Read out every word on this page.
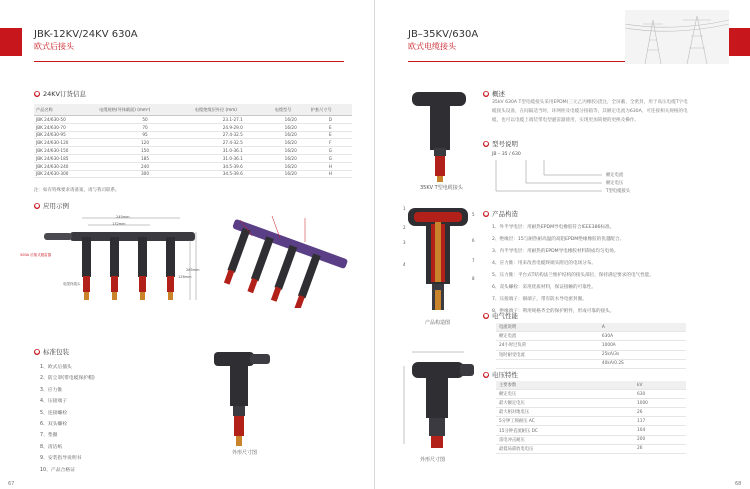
JBK-12KV/24KV 630A
欧式后接头
● 24KV订货信息
产品名称	电缆规格(导体截面) (mm²)	电缆绝缘层外径 (mm)	电缆型号	护套尺寸号
JBK 24/630-50	50	23.1-27.1	16/20	D
JBK 24/630-70	70	24.9-29.0	16/20	E
JBK 24/630-95	95	27.4-32.5	16/20	E
JBK 24/630-120	120	27.4-32.5	16/20	F
JBK 24/630-150	150	31.0-36.1	16/20	G
JBK 24/630-185	185	31.0-36.1	16/20	G
JBK 24/630-240	240	34.5-39.6	16/20	H
JBK 24/630-300	300	34.5-39.6	16/20	H
注：如有特殊要求请备案，请与我司联系。
● 应用示例
500A 后插式避雷器
电缆终端头
245mm
132mm
285mm
128mm
● 标准包装
1、欧式后插头
2、防尘罩(带电缆保护帽)
3、应力锥
4、压接端子
5、连接螺栓
6、双头螺栓
7、垫圈
8、清洁纸
9、安装指导说明书
10、产品合格证
外形尺寸图
67
JB–35KV/630A
欧式电缆接头
35KV T型电缆接头
● 概述
35kV 630A T型电缆接头采用EPDM(三元乙丙橡胶)浇注，全屏蔽，全密封，用于高压电缆T字电缆接头设备，在间隔适当时，环网柜及电缆分接箱等，其额定电流为630A，可连接相关规格的电缆，也可以电缆上端装带电型避雷器使用，实现更加简便的更换及操作。
● 型号说明
JB – 35 / 630
额定电流
额定电压
T型电缆接头
● 产品构造
1、外半导电层：用耐热EPDM导电橡胶符合IEEE386标准。
2、绝缘层：15与耐热耐高温的高阻EPDM绝缘橡胶的优越配合。
3、内半导电层：用耐热的EPDM导电橡胶材料制成均匀电场。
4、应力锥：用来改善电缆终端头附近的电场分布。
5、压力锥：平台式T结构法兰维护结构的接头部位，保持满足要求的电气性能。
6、双头螺栓：采用优质材料，保证接触的可靠性。
7、压接端子：铜端子，带有防水导电密封圈。
8、绝缘端子：利用规格齐全的保护附件，形成可靠的接头。
1
2
3
4
5
6
7
8
产品构造图
● 电气性能
电流说明	A
额定电流	630A
24小时过负荷	1000A
短时耐受电流	25kA/3s
	40kA/0.2S
外形尺寸图
● 电压特性
主要参数	kV
额定电压	630
最大额定电压	1000
最大相对地电压	26
5分钟工频耐压 AC	117
15分钟直流耐压 DC	104
雷电冲击耐压	200
最低局部放电电压	26
68
